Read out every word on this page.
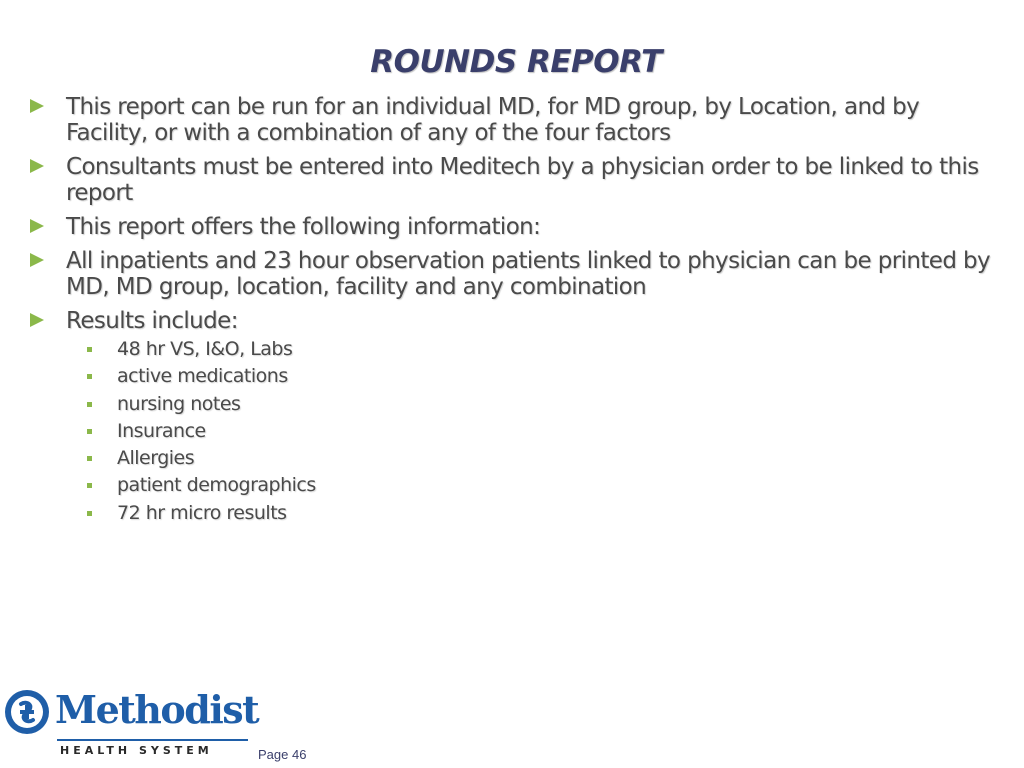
ROUNDS REPORT
This report can be run for an individual MD, for MD group, by Location, and by Facility, or with a combination of any of the four factors
Consultants must be entered into Meditech by a physician order to be linked to this report
This report offers the following information:
All inpatients and 23 hour observation patients linked to physician can be printed by MD, MD group, location, facility and any combination
Results include:
48 hr VS, I&O, Labs
active medications
nursing notes
Insurance
Allergies
patient demographics
72 hr micro results
Methodist
HEALTH SYSTEM	Page 46
